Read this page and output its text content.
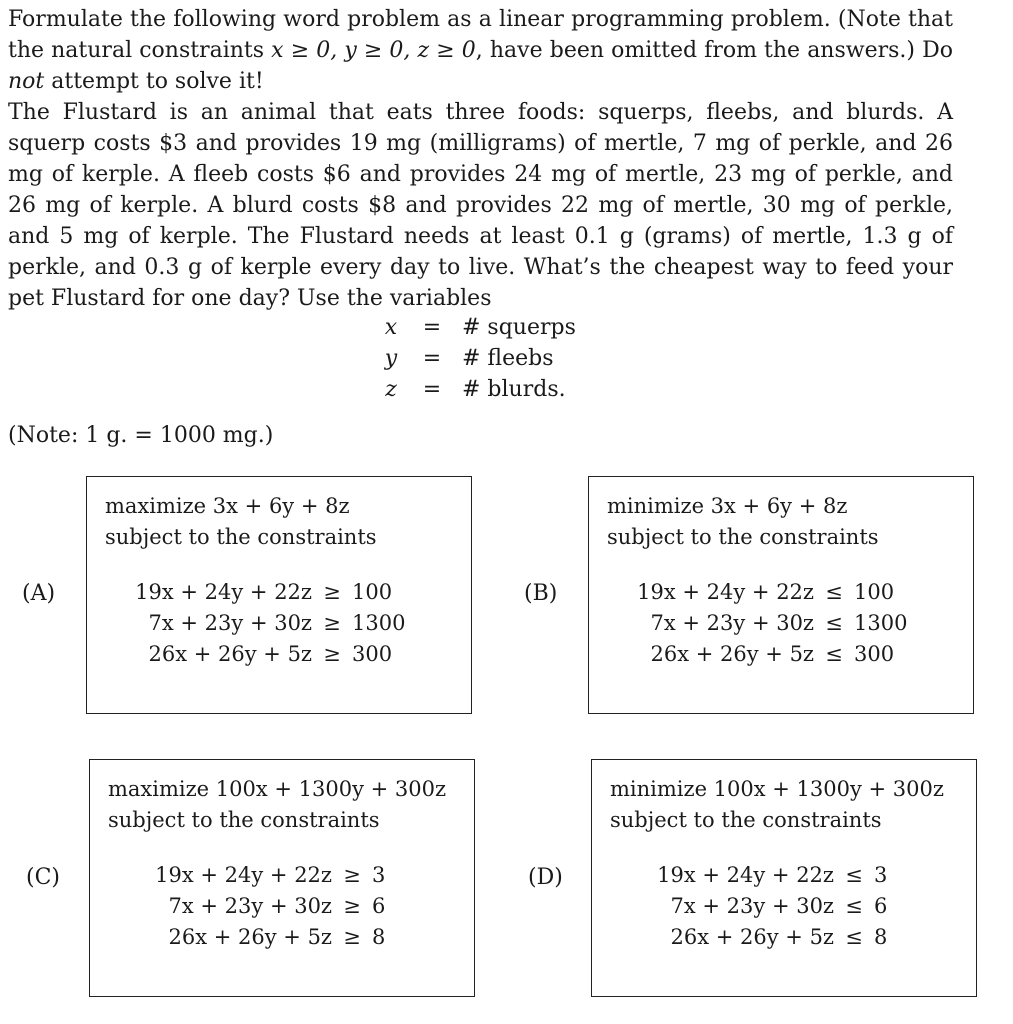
Formulate the following word problem as a linear programming problem. (Note that the natural constraints x ≥ 0, y ≥ 0, z ≥ 0, have been omitted from the answers.) Do not attempt to solve it!
The Flustard is an animal that eats three foods: squerps, fleebs, and blurds. A squerp costs $3 and provides 19 mg (milligrams) of mertle, 7 mg of perkle, and 26 mg of kerple. A fleeb costs $6 and provides 24 mg of mertle, 23 mg of perkle, and 26 mg of kerple. A blurd costs $8 and provides 22 mg of mertle, 30 mg of perkle, and 5 mg of kerple. The Flustard needs at least 0.1 g (grams) of mertle, 1.3 g of perkle, and 0.3 g of kerple every day to live. What’s the cheapest way to feed your pet Flustard for one day? Use the variables
x	= # squerps
y	= # fleebs
z	= # blurds.
(Note: 1 g. = 1000 mg.)
(A)
maximize 3x + 6y + 8z
subject to the constraints
19x + 24y + 22z ≥ 100
7x + 23y + 30z ≥ 1300
26x + 26y + 5z ≥ 300
(B)
minimize 3x + 6y + 8z
subject to the constraints
19x + 24y + 22z ≤ 100
7x + 23y + 30z ≤ 1300
26x + 26y + 5z ≤ 300
(C)
maximize 100x + 1300y + 300z
subject to the constraints
19x + 24y + 22z ≥ 3
7x + 23y + 30z ≥ 6
26x + 26y + 5z ≥ 8
(D)
minimize 100x + 1300y + 300z
subject to the constraints
19x + 24y + 22z ≤ 3
7x + 23y + 30z ≤ 6
26x + 26y + 5z ≤ 8
